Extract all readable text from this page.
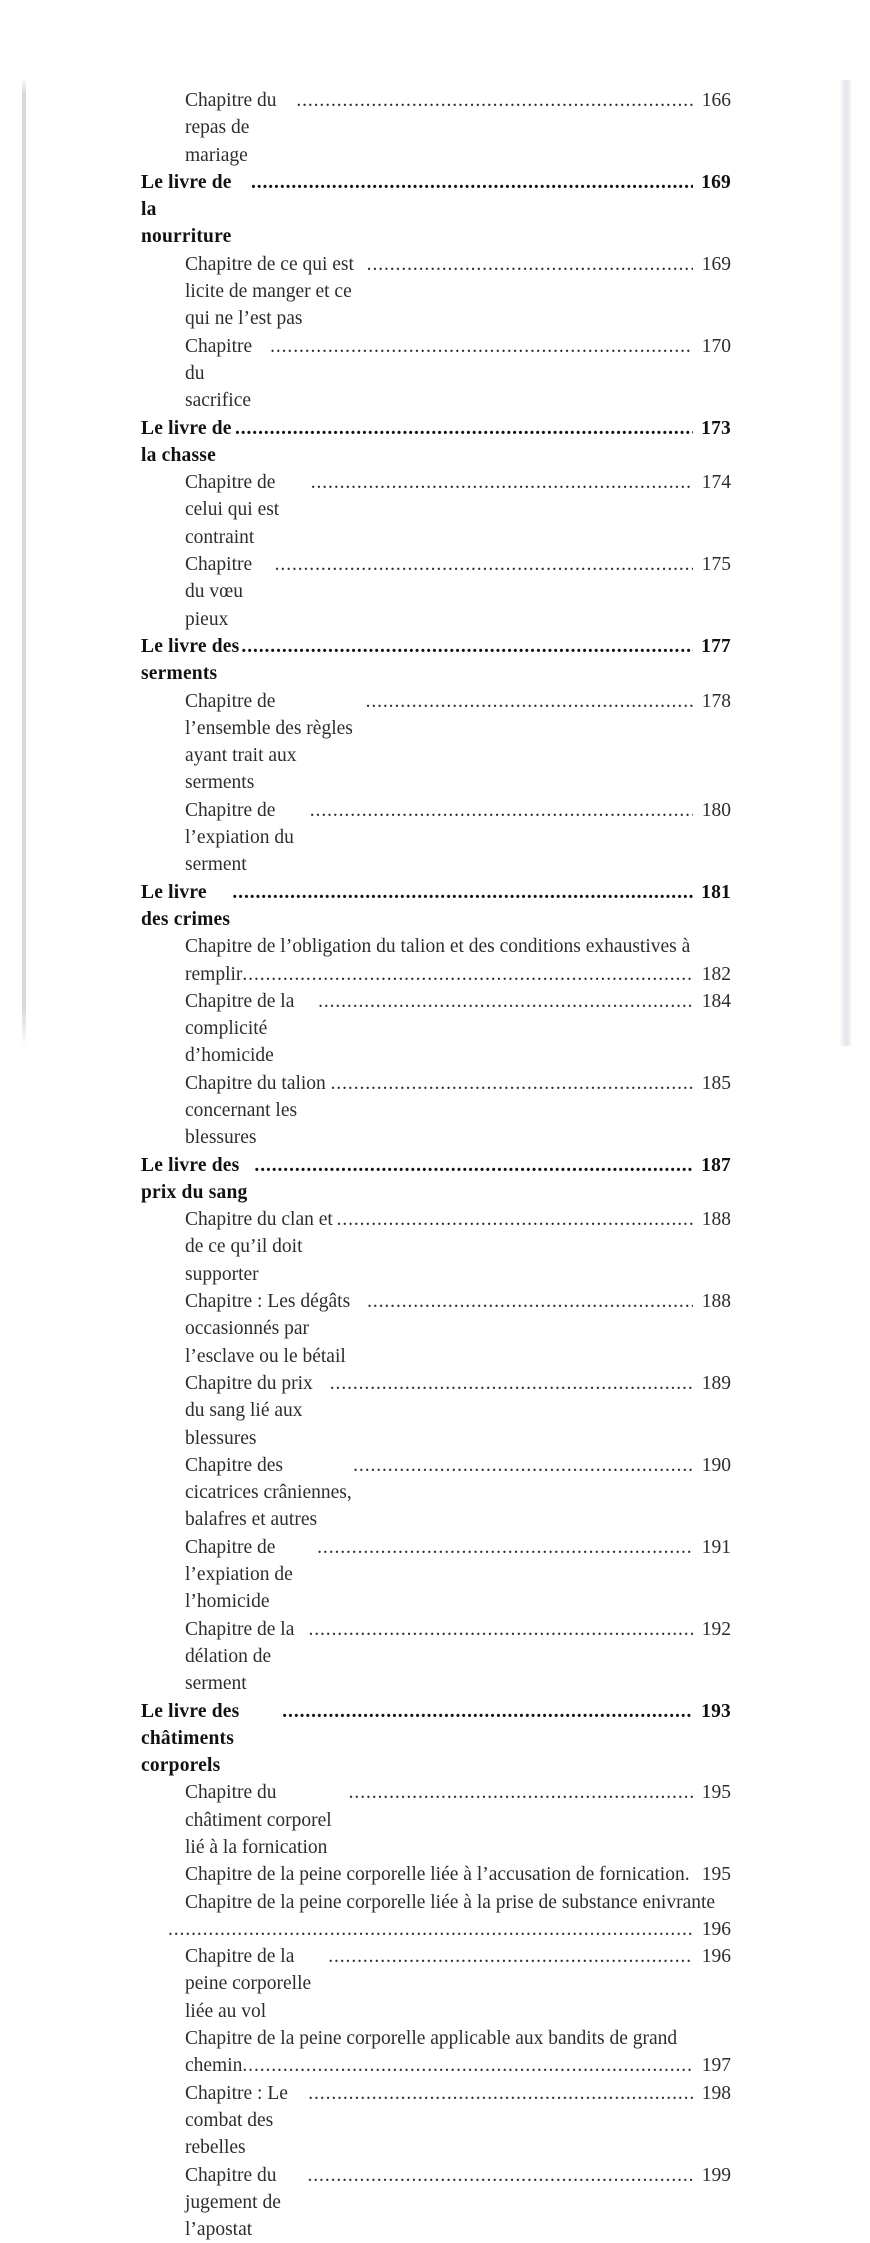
Chapitre du repas de mariage
.....
166
Le livre de la nourriture
.....
169
Chapitre de ce qui est licite de manger et ce qui ne l’est pas
.....
169
Chapitre du sacrifice
.....
170
Le livre de la chasse
.....
173
Chapitre de celui qui est contraint
.....
174
Chapitre du vœu pieux
.....
175
Le livre des serments
.....
177
Chapitre de l’ensemble des règles ayant trait aux serments
.....
178
Chapitre de l’expiation du serment
.....
180
Le livre des crimes
.....
181
Chapitre de l’obligation du talion et des conditions exhaustives à
remplir .....	182
Chapitre de la complicité d’homicide
.....
184
Chapitre du talion concernant les blessures
.....
185
Le livre des prix du sang
.....
187
Chapitre du clan et de ce qu’il doit supporter
.....
188
Chapitre : Les dégâts occasionnés par l’esclave ou le bétail
.....
188
Chapitre du prix du sang lié aux blessures
.....
189
Chapitre des cicatrices crâniennes, balafres et autres
.....
190
Chapitre de l’expiation de l’homicide
.....
191
Chapitre de la délation de serment
.....
192
Le livre des châtiments corporels
.....
193
Chapitre du châtiment corporel lié à la fornication
.....
195
Chapitre de la peine corporelle liée à l’accusation de fornication. 195
Chapitre de la peine corporelle liée à la prise de substance enivrante
.....
196
Chapitre de la peine corporelle liée au vol
.....
196
Chapitre de la peine corporelle applicable aux bandits de grand
chemin .....	197
Chapitre : Le combat des rebelles
.....
198
Chapitre du jugement de l’apostat
.....
199
